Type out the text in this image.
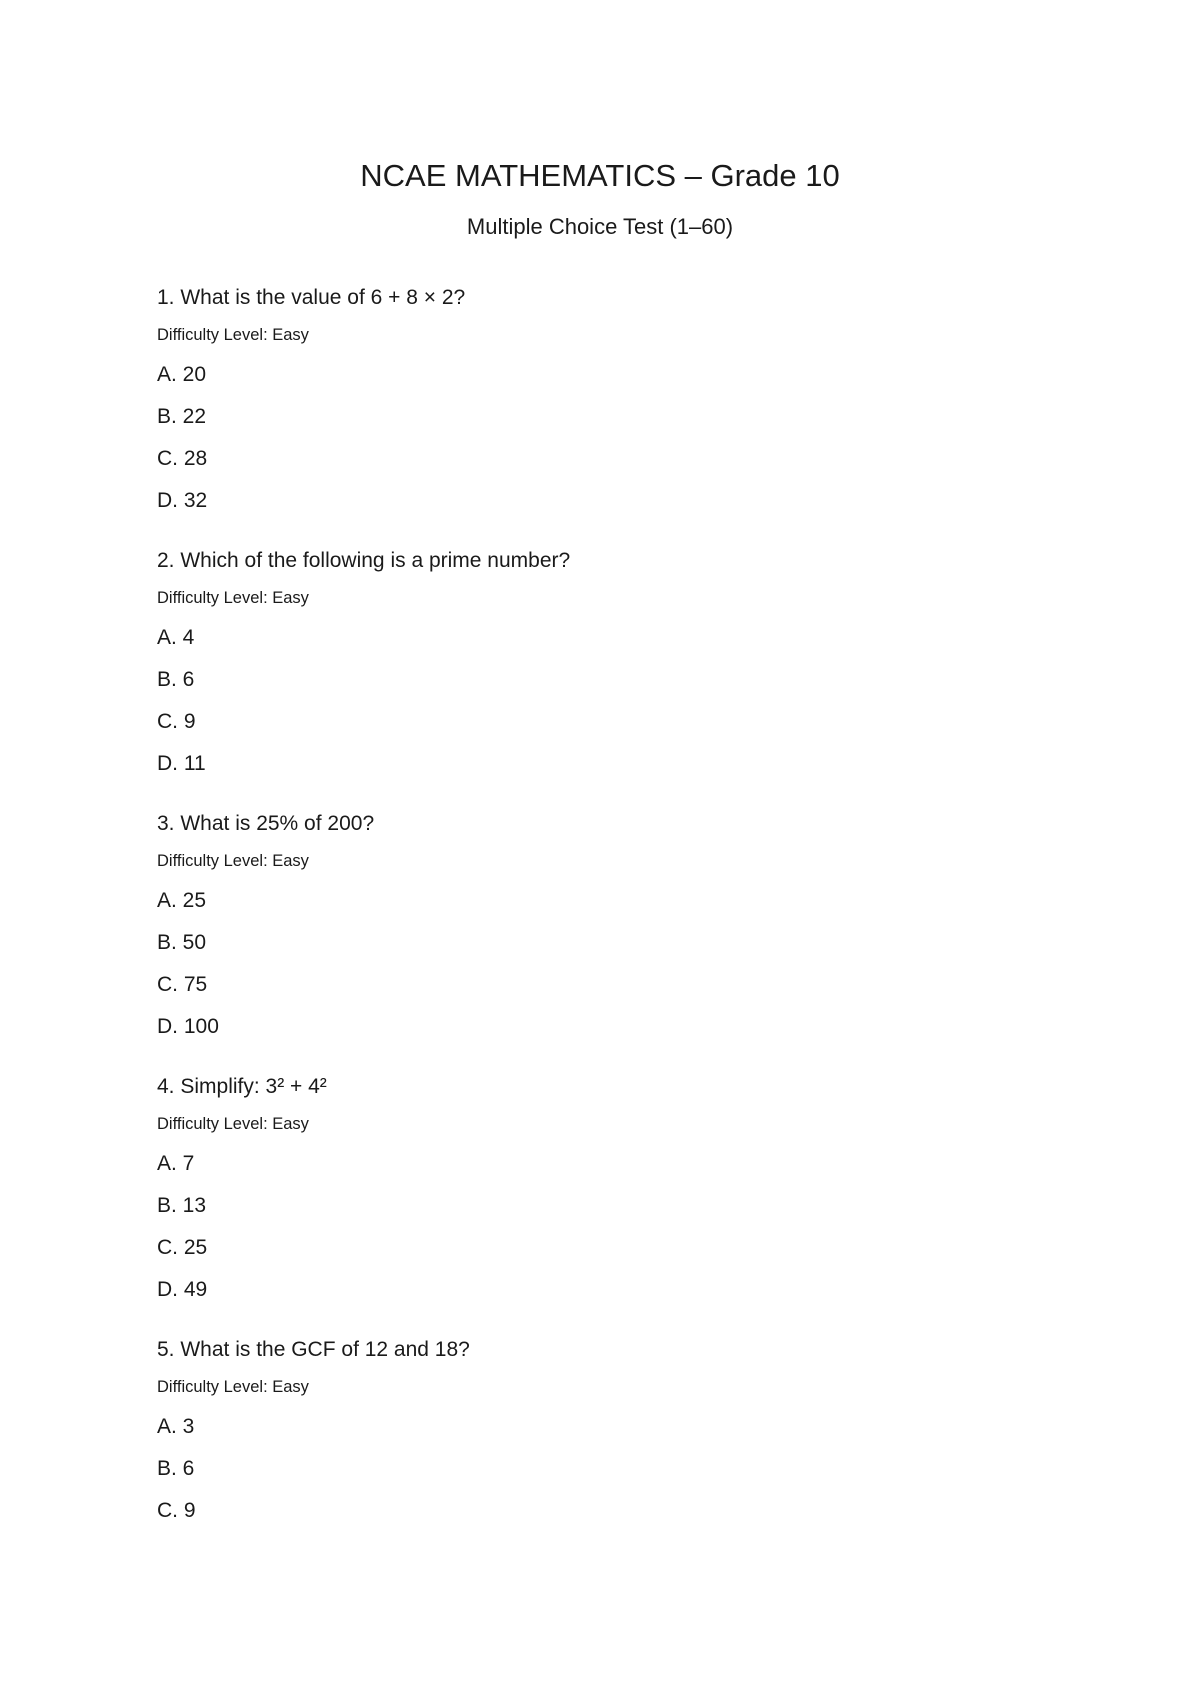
NCAE MATHEMATICS – Grade 10
Multiple Choice Test (1–60)
1. What is the value of 6 + 8 × 2?
Difficulty Level: Easy
A. 20
B. 22
C. 28
D. 32
2. Which of the following is a prime number?
Difficulty Level: Easy
A. 4
B. 6
C. 9
D. 11
3. What is 25% of 200?
Difficulty Level: Easy
A. 25
B. 50
C. 75
D. 100
4. Simplify: 3² + 4²
Difficulty Level: Easy
A. 7
B. 13
C. 25
D. 49
5. What is the GCF of 12 and 18?
Difficulty Level: Easy
A. 3
B. 6
C. 9
